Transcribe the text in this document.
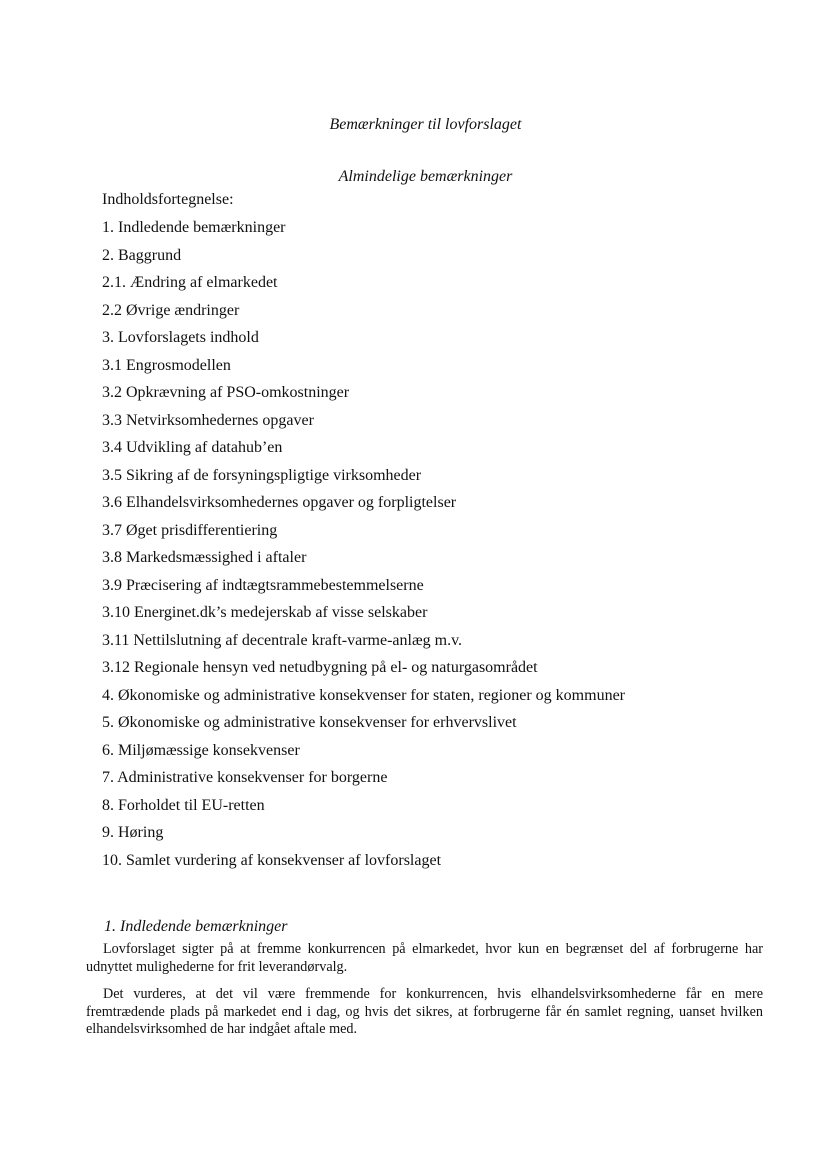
Bemærkninger til lovforslaget
Almindelige bemærkninger
Indholdsfortegnelse:
1. Indledende bemærkninger
2. Baggrund
2.1. Ændring af elmarkedet
2.2 Øvrige ændringer
3. Lovforslagets indhold
3.1 Engrosmodellen
3.2 Opkrævning af PSO-omkostninger
3.3 Netvirksomhedernes opgaver
3.4 Udvikling af datahub’en
3.5 Sikring af de forsyningspligtige virksomheder
3.6 Elhandelsvirksomhedernes opgaver og forpligtelser
3.7 Øget prisdifferentiering
3.8 Markedsmæssighed i aftaler
3.9 Præcisering af indtægtsrammebestemmelserne
3.10 Energinet.dk’s medejerskab af visse selskaber
3.11 Nettilslutning af decentrale kraft-varme-anlæg m.v.
3.12 Regionale hensyn ved netudbygning på el- og naturgasområdet
4. Økonomiske og administrative konsekvenser for staten, regioner og kommuner
5. Økonomiske og administrative konsekvenser for erhvervslivet
6. Miljømæssige konsekvenser
7. Administrative konsekvenser for borgerne
8. Forholdet til EU-retten
9. Høring
10. Samlet vurdering af konsekvenser af lovforslaget
1. Indledende bemærkninger

Lovforslaget sigter på at fremme konkurrencen på elmarkedet, hvor kun en begrænset del af forbrugerne har udnyttet mulighederne for frit leverandørvalg.

Det vurderes, at det vil være fremmende for konkurrencen, hvis elhandelsvirksomhederne får en mere fremtrædende plads på markedet end i dag, og hvis det sikres, at forbrugerne får én samlet regning, uanset hvilken elhandelsvirksomhed de har indgået aftale med.
